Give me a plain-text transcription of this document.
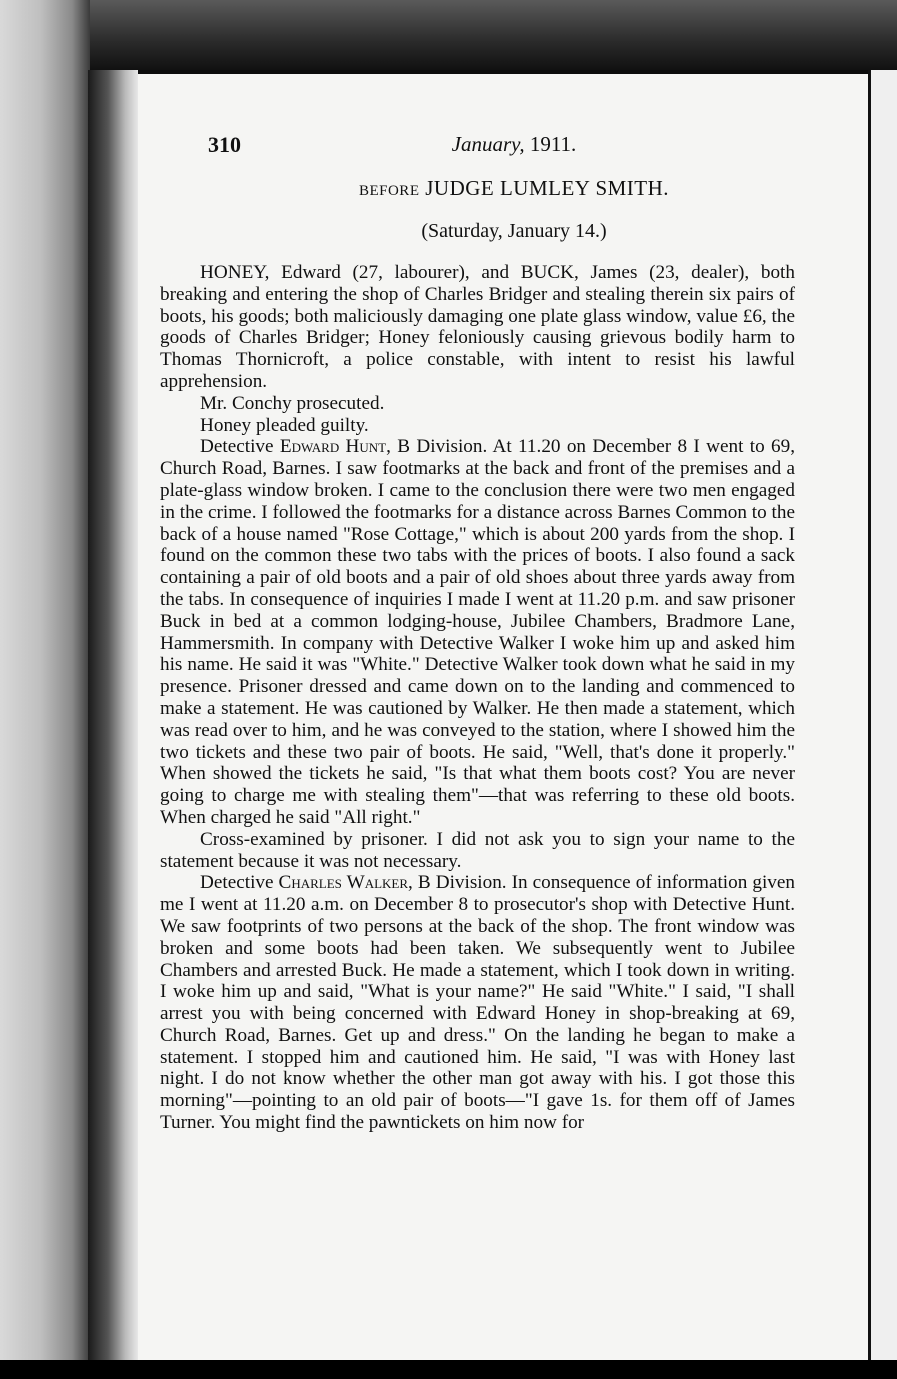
310	January, 1911.
BEFORE JUDGE LUMLEY SMITH.
(Saturday, January 14.)

HONEY, Edward (27, labourer), and BUCK, James (23, dealer), both breaking and entering the shop of Charles Bridger and stealing therein six pairs of boots, his goods; both maliciously damaging one plate glass window, value £6, the goods of Charles Bridger; Honey feloniously causing grievous bodily harm to Thomas Thornicroft, a police constable, with intent to resist his lawful apprehension.

Mr. Conchy prosecuted.

Honey pleaded guilty.

Detective Edward Hunt, B Division. At 11.20 on December 8 I went to 69, Church Road, Barnes. I saw footmarks at the back and front of the premises and a plate-glass window broken. I came to the conclusion there were two men engaged in the crime. I followed the footmarks for a distance across Barnes Common to the back of a house named "Rose Cottage," which is about 200 yards from the shop. I found on the common these two tabs with the prices of boots. I also found a sack containing a pair of old boots and a pair of old shoes about three yards away from the tabs. In consequence of inquiries I made I went at 11.20 p.m. and saw prisoner Buck in bed at a common lodging-house, Jubilee Chambers, Bradmore Lane, Hammersmith. In company with Detective Walker I woke him up and asked him his name. He said it was "White." Detective Walker took down what he said in my presence. Prisoner dressed and came down on to the landing and commenced to make a statement. He was cautioned by Walker. He then made a statement, which was read over to him, and he was conveyed to the station, where I showed him the two tickets and these two pair of boots. He said, "Well, that's done it properly." When showed the tickets he said, "Is that what them boots cost? You are never going to charge me with stealing them"—that was referring to these old boots. When charged he said "All right."

Cross-examined by prisoner. I did not ask you to sign your name to the statement because it was not necessary.

Detective Charles Walker, B Division. In consequence of information given me I went at 11.20 a.m. on December 8 to prosecutor's shop with Detective Hunt. We saw footprints of two persons at the back of the shop. The front window was broken and some boots had been taken. We subsequently went to Jubilee Chambers and arrested Buck. He made a statement, which I took down in writing. I woke him up and said, "What is your name?" He said "White." I said, "I shall arrest you with being concerned with Edward Honey in shop-breaking at 69, Church Road, Barnes. Get up and dress." On the landing he began to make a statement. I stopped him and cautioned him. He said, "I was with Honey last night. I do not know whether the other man got away with his. I got those this morning"—pointing to an old pair of boots—"I gave 1s. for them off of James Turner. You might find the pawntickets on him now for
